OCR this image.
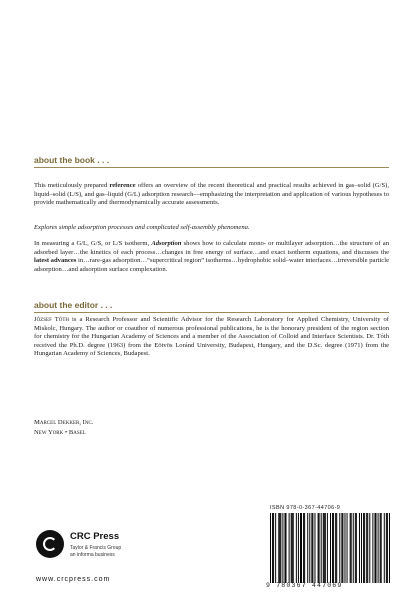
about the book . . .

This meticulously prepared reference offers an overview of the recent theoretical and practical results achieved in gas–solid (G/S), liquid–solid (L/S), and gas–liquid (G/L) adsorption research—emphasizing the interpretation and application of various hypotheses to provide mathematically and thermodynamically accurate assessments.

Explores simple adsorption processes and complicated self-assembly phenomena.

In measuring a G/L, G/S, or L/S isotherm, Adsorption shows how to calculate mono- or multilayer adsorption…the structure of an adsorbed layer…the kinetics of each process…changes in free energy of surface…and exact isotherm equations, and discusses the latest advances in…rare-gas adsorption…“supercritical region” isotherms…hydrophobic solid–water interfaces…irreversible particle adsorption…and adsorption surface complexation.

about the editor . . .

József Tóth is a Research Professor and Scientific Advisor for the Research Laboratory for Applied Chemistry, University of Miskolc, Hungary. The author or coauthor of numerous professional publications, he is the honorary president of the region section for chemistry for the Hungarian Academy of Sciences and a member of the Association of Colloid and Interface Scientists. Dr. Tóth received the Ph.D. degree (1963) from the Eötvös Loránd University, Budapest, Hungary, and the D.Sc. degree (1971) from the Hungarian Academy of Sciences, Budapest.

Marcel Dekker, Inc.
New York • Basel
CRC Press
Taylor & Francis Group
an informa business
www.crcpress.com
ISBN 978-0-367-44706-9
9 780367 447069
